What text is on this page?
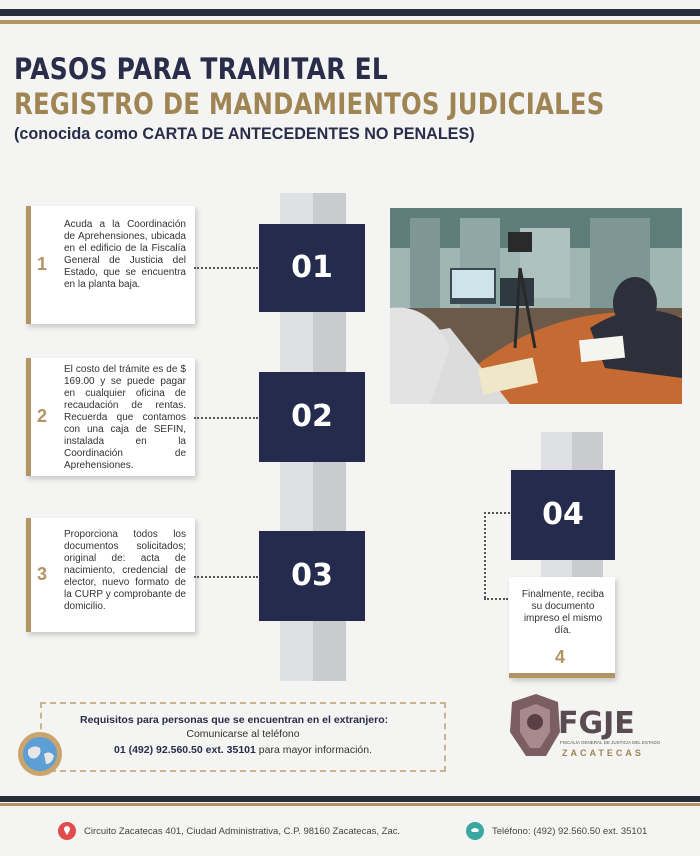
PASOS PARA TRAMITAR EL
REGISTRO DE MANDAMIENTOS JUDICIALES
(conocida como CARTA DE ANTECEDENTES NO PENALES)
1
Acuda a la Coordinación de Aprehensiones, ubicada en el edificio de la Fiscalía General de Justicia del Estado, que se encuentra en la planta baja.	01
2
El costo del trámite es de $ 169.00 y se puede pagar en cualquier oficina de recaudación de rentas. Recuerda que contamos con una caja de SEFIN, instalada en la Coordinación de Aprehensiones.
02
3
Proporciona todos los documentos solicitados; original de: acta de nacimiento, credencial de elector, nuevo formato de la CURP y comprobante de domicilio.
03
04
Finalmente, reciba su documento impreso el mismo día.
4
Requisitos para personas que se encuentran en el extranjero:
Comunicarse al teléfono
01 (492) 92.560.50 ext. 35101 para mayor información.
FGJE
FISCALÍA GENERAL DE JUSTICIA DEL ESTADO
ZACATECAS
Circuito Zacatecas 401, Ciudad Administrativa, C.P. 98160 Zacatecas, Zac.	Teléfono: (492) 92.560.50 ext. 35101
